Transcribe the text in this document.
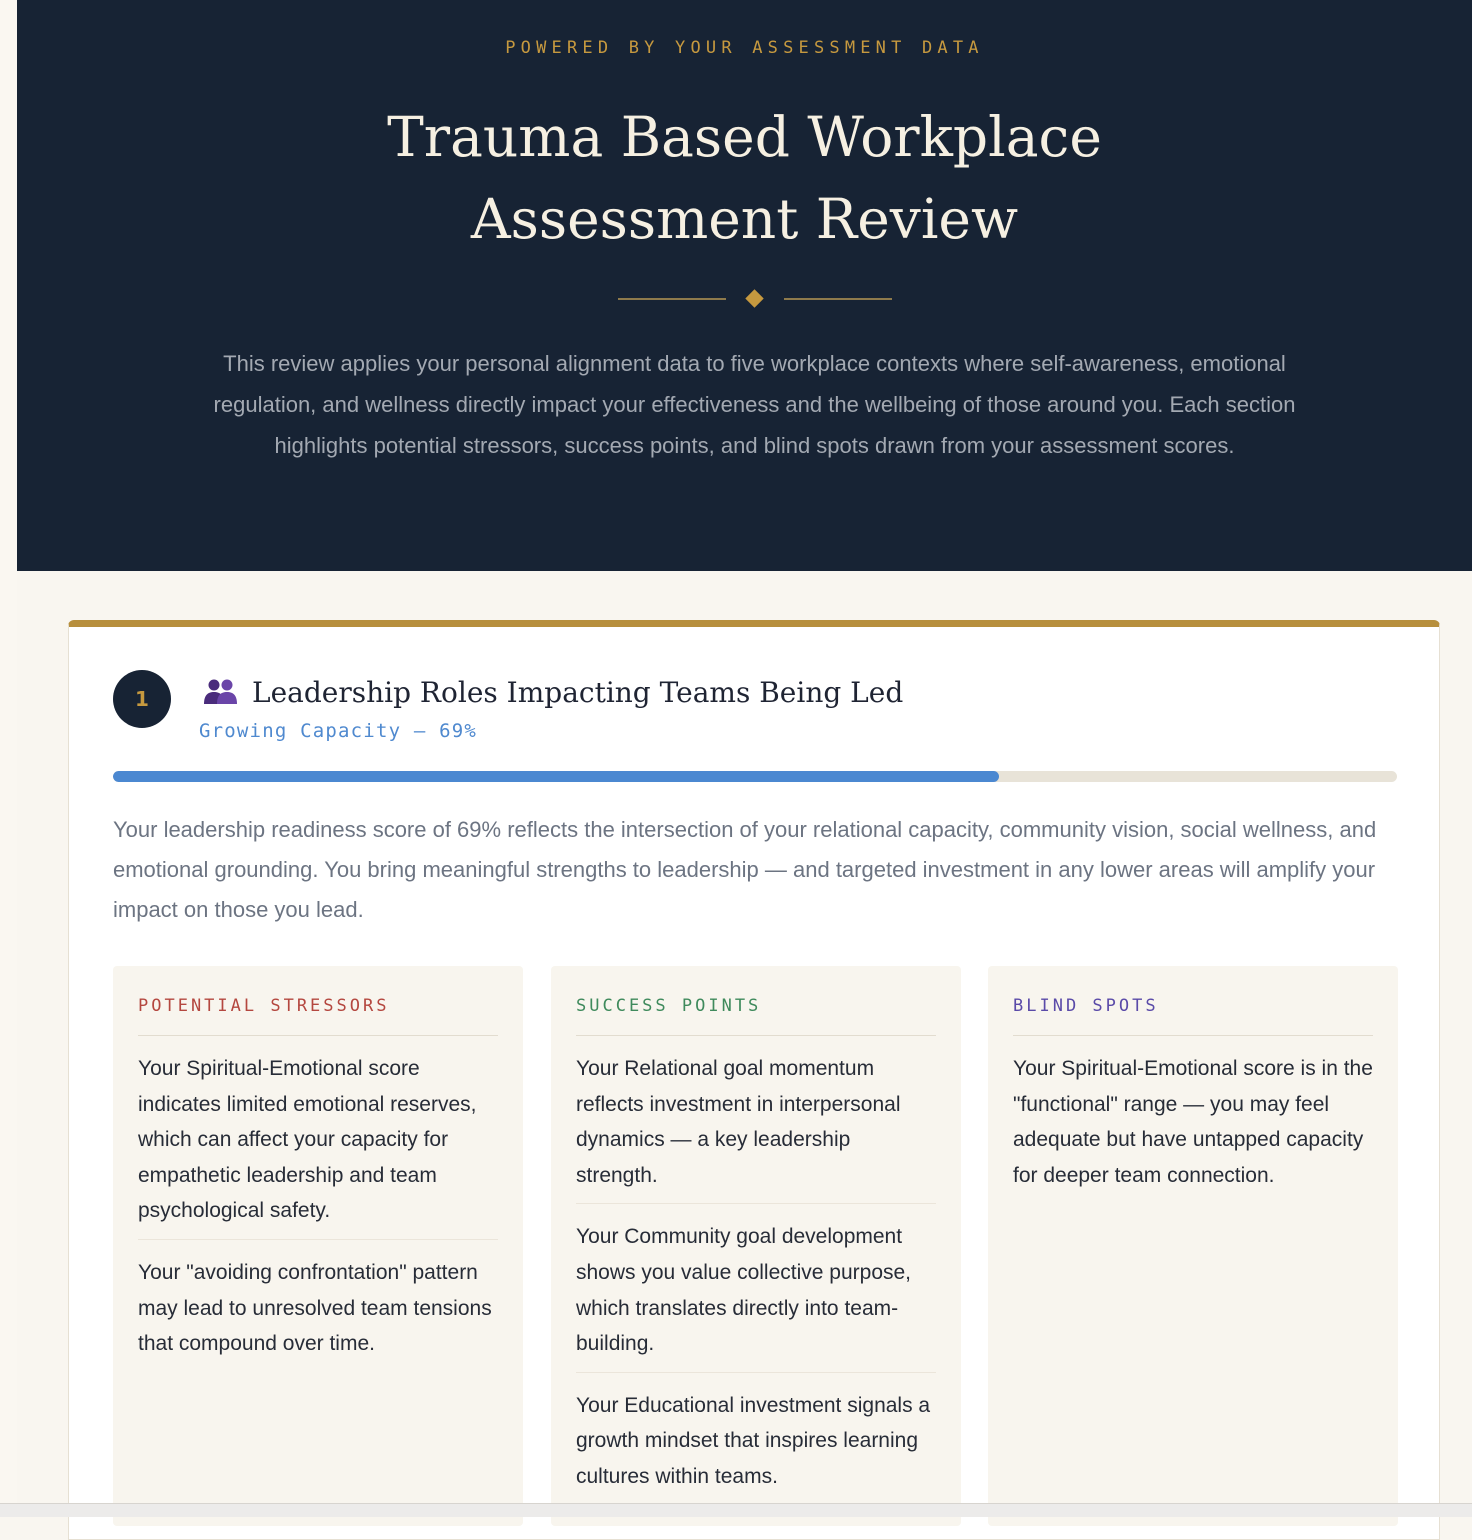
POWERED BY YOUR ASSESSMENT DATA
Trauma Based Workplace
Assessment Review

This review applies your personal alignment data to five workplace contexts where self-awareness, emotional regulation, and wellness directly impact your effectiveness and the wellbeing of those around you. Each section highlights potential stressors, success points, and blind spots drawn from your assessment scores.

1	Leadership Roles Impacting Teams Being Led
Growing Capacity — 69%

Your leadership readiness score of 69% reflects the intersection of your relational capacity, community vision, social wellness, and emotional grounding. You bring meaningful strengths to leadership — and targeted investment in any lower areas will amplify your impact on those you lead.

POTENTIAL STRESSORS
Your Spiritual-Emotional score indicates limited emotional reserves, which can affect your capacity for empathetic leadership and team psychological safety.
Your "avoiding confrontation" pattern may lead to unresolved team tensions that compound over time.
SUCCESS POINTS
Your Relational goal momentum reflects investment in interpersonal dynamics — a key leadership strength.
Your Community goal development shows you value collective purpose, which translates directly into team-building.
Your Educational investment signals a growth mindset that inspires learning cultures within teams.
BLIND SPOTS
Your Spiritual-Emotional score is in the "functional" range — you may feel adequate but have untapped capacity for deeper team connection.
